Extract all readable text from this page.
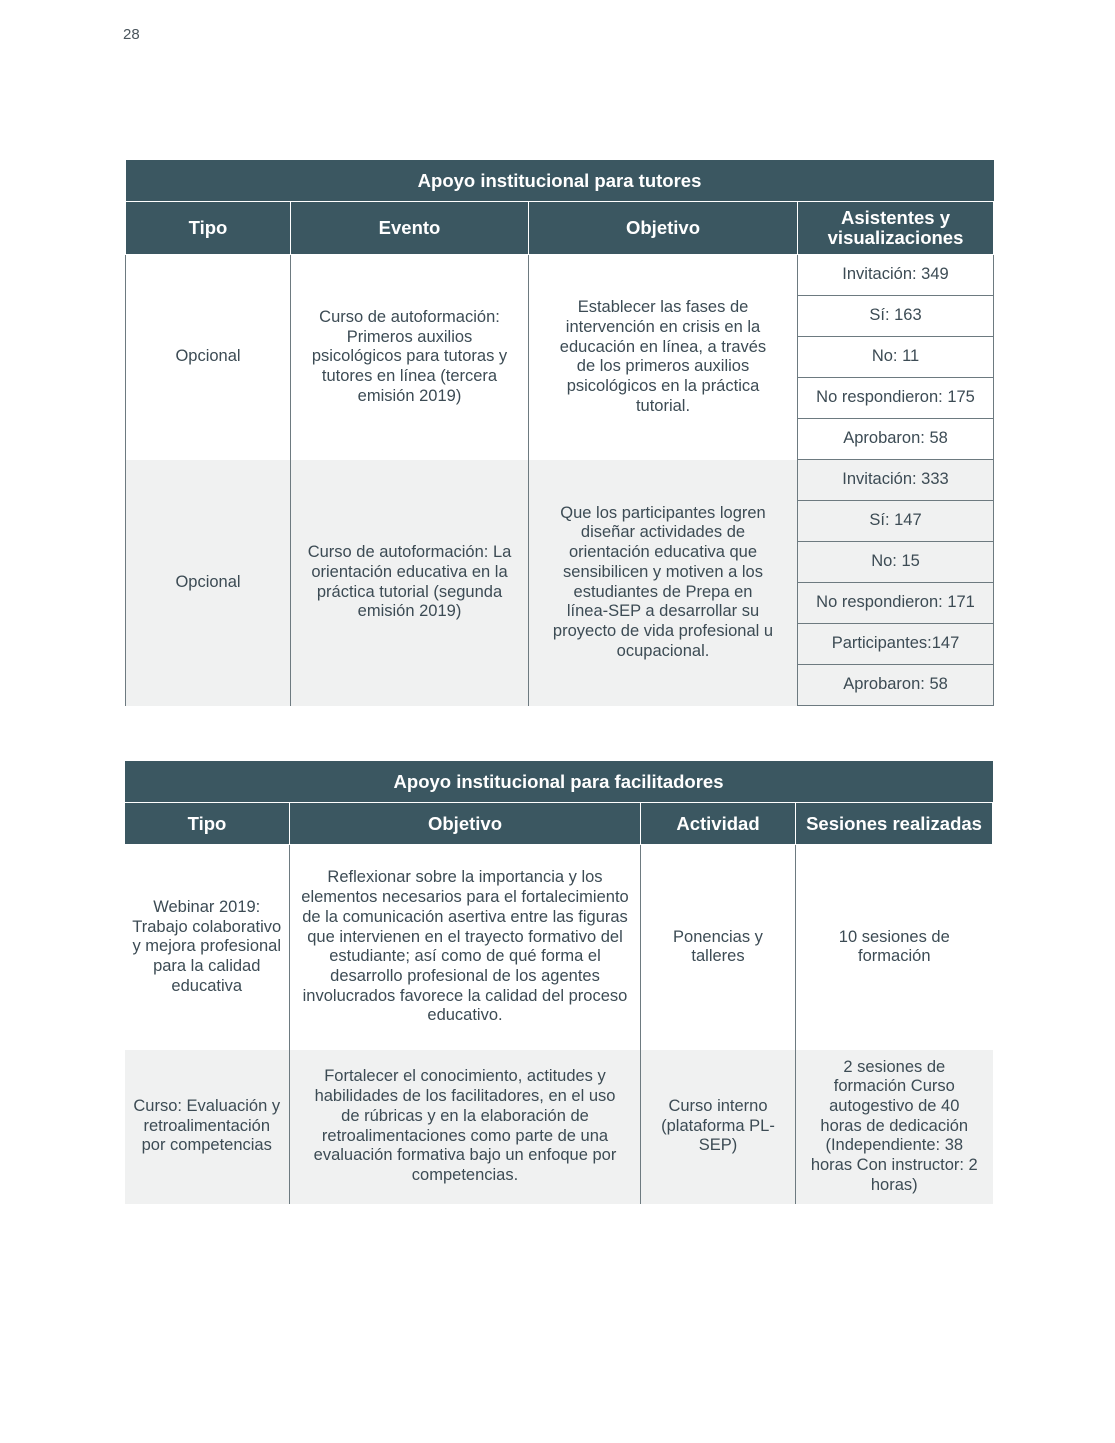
28
Apoyo institucional para tutores			
Tipo	Evento	Objetivo	Asistentes y visualizaciones
Opcional	Curso de autoformación: Primeros auxilios psicológicos para tutoras y tutores en línea (tercera emisión 2019)	Establecer las fases de intervención en crisis en la educación en línea, a través de los primeros auxilios psicológicos en la práctica tutorial.	Invitación: 349
			Sí: 163
			No: 11
			No respondieron: 175
			Aprobaron: 58
Opcional	Curso de autoformación: La orientación educativa en la práctica tutorial (segunda emisión 2019)	Que los participantes logren diseñar actividades de orientación educativa que sensibilicen y motiven a los estudiantes de Prepa en línea-SEP a desarrollar su proyecto de vida profesional u ocupacional.	Invitación: 333
			Sí: 147
			No: 15
			No respondieron: 171
			Participantes:147
			Aprobaron: 58
Apoyo institucional para facilitadores			
Tipo	Objetivo	Actividad	Sesiones realizadas
Webinar 2019: Trabajo colaborativo y mejora profesional para la calidad educativa	Reflexionar sobre la importancia y los elementos necesarios para el fortalecimiento de la comunicación asertiva entre las figuras que intervienen en el trayecto formativo del estudiante; así como de qué forma el desarrollo profesional de los agentes involucrados favorece la calidad del proceso educativo.	Ponencias y talleres	10 sesiones de formación
Curso: Evaluación y retroalimentación por competencias	Fortalecer el conocimiento, actitudes y habilidades de los facilitadores, en el uso de rúbricas y en la elaboración de retroalimentaciones como parte de una evaluación formativa bajo un enfoque por competencias.	Curso interno (plataforma PL-SEP)	2 sesiones de formación Curso autogestivo de 40 horas de dedicación (Independiente: 38 horas Con instructor: 2 horas)
